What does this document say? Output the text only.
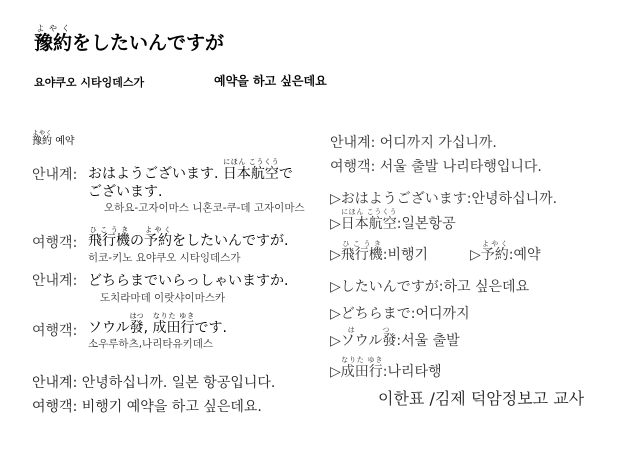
豫約よやくをしたいんですが
요야쿠오 시타잉데스가	예약을 하고 싶은데요
豫約よやく 예약
안내계: おはようございます. 日本航空にほん こうくうで
ございます.
오하요-고자이마스 니혼코-쿠-데 고자이마스
여행객: 飛行機ひこうきの予約よやくをしたいんですが.
히코-키노 요야쿠오 시타잉데스가
안내계: どちらまでいらっしゃいますか.
도치라마데 이랏샤이마스카
여행객: ソウル發はつ, 成田行なりた ゆきです.
소우루하츠,나리타유키데스
안내계: 안녕하십니까. 일본 항공입니다.
여행객: 비행기 예약을 하고 싶은데요.
안내계: 어디까지 가십니까.
여행객: 서울 출발 나리타행입니다.
▷おはようございます:안녕하십니까.
▷日本航空にほん こうくう:일본항공
▷飛行機ひこうき:비행기	▷予約よやく:예약
▷したいんですが:하고 싶은데요
▷どちらまで:어디까지
▷ソウル發はつ:서울 출발
▷成田行なりた ゆき:나리타행
이한표 /김제 덕암정보고 교사
